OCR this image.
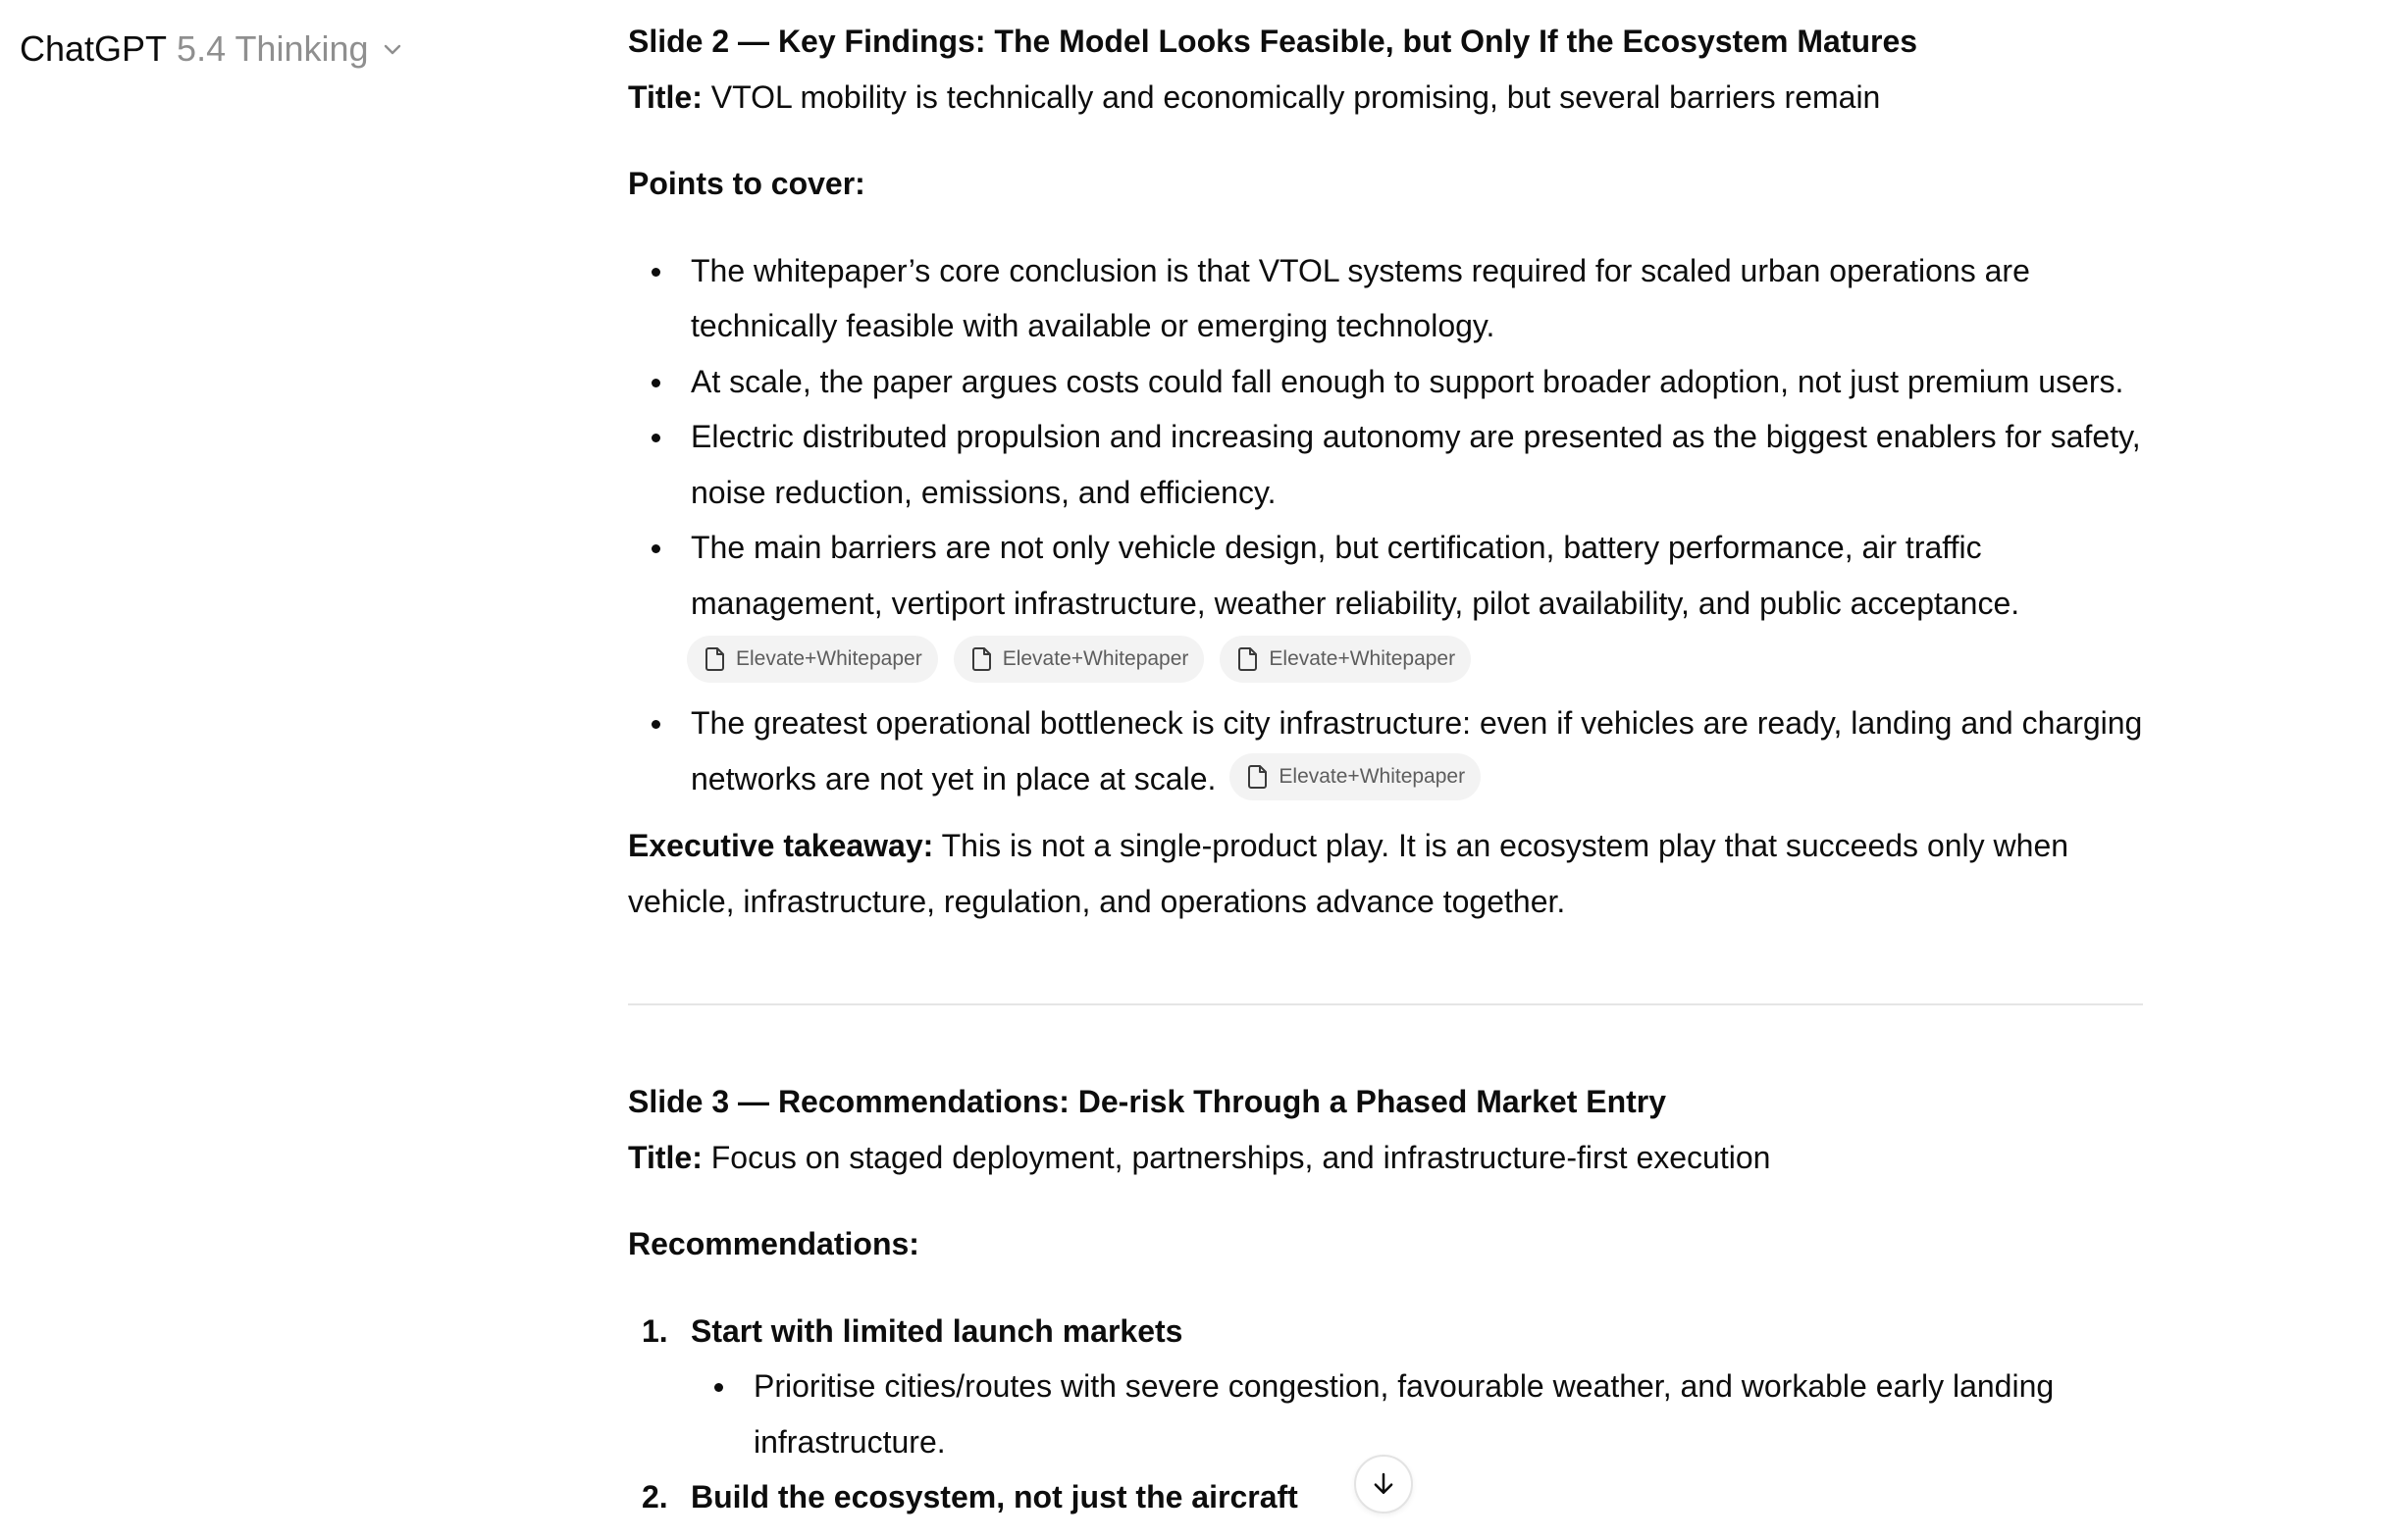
ChatGPT 5.4 Thinking	Slide 2 — Key Findings: The Model Looks Feasible, but Only If the Ecosystem Matures

Title: VTOL mobility is technically and economically promising, but several barriers remain

Points to cover:

The whitepaper’s core conclusion is that VTOL systems required for scaled urban operations are technically feasible with available or emerging technology.
At scale, the paper argues costs could fall enough to support broader adoption, not just premium users.
Electric distributed propulsion and increasing autonomy are presented as the biggest enablers for safety, noise reduction, emissions, and efficiency.
The main barriers are not only vehicle design, but certification, battery performance, air traffic management, vertiport infrastructure, weather reliability, pilot availability, and public acceptance.
Elevate+Whitepaper	Elevate+Whitepaper	Elevate+Whitepaper
The greatest operational bottleneck is city infrastructure: even if vehicles are ready, landing and charging networks are not yet in place at scale.	Elevate+Whitepaper

Executive takeaway: This is not a single-product play. It is an ecosystem play that succeeds only when vehicle, infrastructure, regulation, and operations advance together.

Slide 3 — Recommendations: De-risk Through a Phased Market Entry

Title: Focus on staged deployment, partnerships, and infrastructure-first execution

Recommendations:

1. Start with limited launch markets
Prioritise cities/routes with severe congestion, favourable weather, and workable early landing infrastructure.
2. Build the ecosystem, not just the aircraft
